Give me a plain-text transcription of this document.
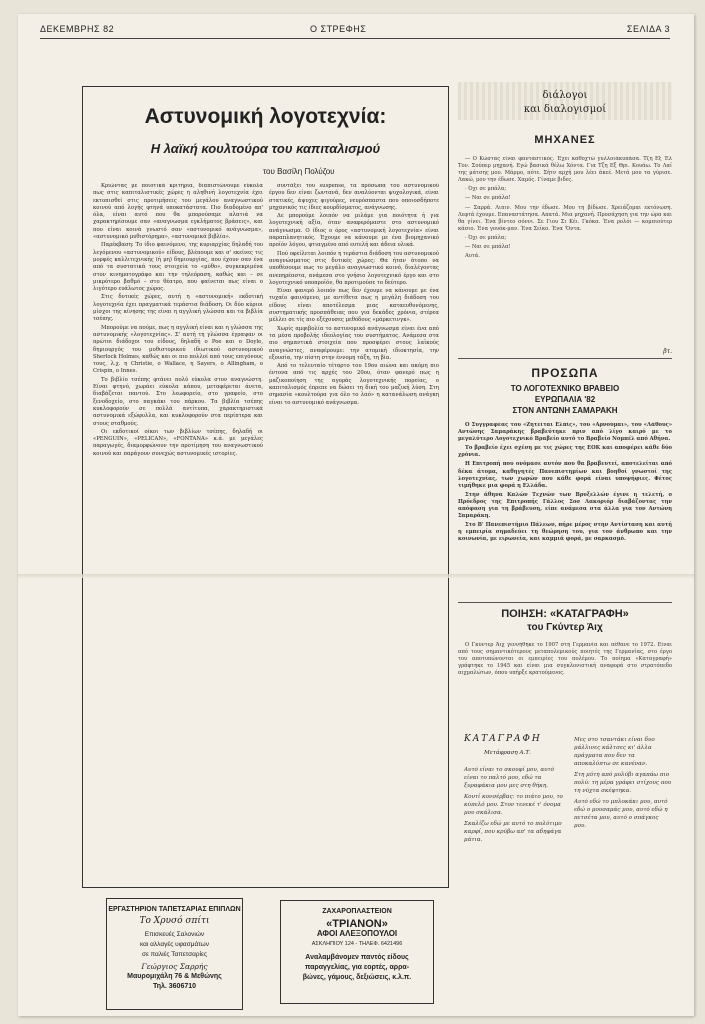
ΔΕΚΕΜΒΡΗΣ 82	Ο ΣΤΡΕΦΗΣ	ΣΕΛΙΔΑ 3
Αστυνομική λογοτεχνία:
Η λαϊκή κουλτούρα του καπιταλισμού
του Βασίλη Πολύζου

Κριώντας με ποιοτικά κριτήρια, διαπιστώνουμε εύκολα πως στις καπιταλιστικές χώρες η αληθινή λογοτεχνία έχει εκτοπισθεί στις προτιμήσεις του μεγάλου αναγνωστικού κοινού από λογής φτηνά υποκατάστατα. Πιο διαδομένο απ' όλα, είναι αυτό που θα μπορούσαμε πλατιά να χαρακτηρίσουμε σαν «αναγνωσμα εγκλήματος βράσεις», και που είναι κοινά γνωστό σαν «αστυνομικό ανάγνωσμα», «αστυνομικό μυθιστόρημα», «αστυνομικά βιβλία».

Παρέκβαση: Το ίδιο φαινόμενο, της κυριαρχίας δηλαδή του λεγόμενου «αστυνομικού» είδους, βλέπουμε και σ' εκείνες τις μορφές καλλιτεχνικής (ή μη) δημιουργίας, που έχουν σαν ένα από τα συστατικά τους στοιχεία το «μύθο», συγκεκριμένα στον κινηματογράφο και την τηλεόραση, καθώς και – σε μικρότερο βαθμό – στο θέατρο, που φαίνεται πως είναι ο λιγότερο ευάλωτος χώρος.

Στις δυτικές χώρες, αυτή η «αστυνομική» εκδοτική λογοτεχνία έχει πραγματικά τεράστια διάδοση. Οι δύο κύριοι μίσχοι της κίνησης της είναι η αγγλική γλώσσα και τα βιβλία τσέπης.

Μπορούμε να πούμε, πως η αγγλική είναι και η γλώσσα της αστυνομικής «λογοτεχνίας». Σ' αυτή τη γλώσσα έγραψαν οι πρώτοι διάδοχοι του είδους, δηλαδή ο Poe και ο Doyle, δημιουργός του μυθιστορικού ιδιωτικού αστυνομικού Sherlock Holmes, καθώς και οι πιο πολλοί από τους επιγόνους τους, λ.χ. η Christie, ο Wallace, η Sayers, ο Allingham, ο Crispin, ο Innes.

Το βιβλίο τσέπης φτάνει πολύ εύκολα στον αναγνώστη. Είναι φτηνό, χωράει εύκολα κάπου, μεταφέρεται άνετα, διαβάζεται παντού. Στο λεωφορείο, στο γραφείο, στο ξενοδοχείο, στο παγκάκι του πάρκου. Τα βιβλία τσέπης κυκλοφορούν σε πολλά αντίτυπα, χαρακτηριστικά αστυνομικά εξώφυλλα, και κυκλοφορούν στα περίπτερα και στους σταθμούς.

Οι εκδοτικοί οίκοι των βιβλίων τσέπης, δηλαδή οι «PENGUIN», «PELICAN», «FONTANA» κ.ά. με μεγάλες παραγωγές, διαμορφώνουν την προτίμηση του αναγνωστικού κοινού και παράγουν συνεχώς αστυνομικές ιστορίες.

συντάξει του suspense, τα πρόσωπα του αστυνομικού έργου δεν είναι ζωντανά, δεν αναλύονται ψυχολογικά, είναι στατικές, άψυχες φιγούρες, νευρόσπαστα που οποιοσδήποτε μηχανικός τις ίδιες κουρδίσματος, ανάγνωσης.

Δε μπορούμε λοιπόν να μιλάμε για ποιότητα ή για λογοτεχνική αξία, όταν αναφερόμαστε στο αστυνομικό ανάγνωσμα. Ο ίδιος ο όρος «αστυνομική λογοτεχνία» είναι παραπλανητικός. Έχουμε να κάνουμε με ένα βιομηχανικό προϊόν λόγου, φτιαγμένο από ευτελή και άδεια υλικά.

Πού οφείλεται λοιπόν η τεράστια διάδοση του αστυνομικού αναγνώσματος στις δυτικές χώρες; Θα ήταν άτοπο να υποθέσουμε πως το μεγάλο αναγνωστικό κοινό, διαλέγοντας ανεπηρέαστα, ανάμεσα στο γνήσιο λογοτεχνικό έργο και στο λογοτεχνικό υποπροϊόν, θα προτιμούσε το δεύτερο.

Είναι φανερό λοιπόν πως δεν έχουμε να κάνουμε με ένα τυχαίο φαινόμενο, με αντίθετα πως η μεγάλη διάδοση του είδους είναι αποτέλεσμα μιας καταευθυνόμενης, συστηματικής προσπάθειας που για δεκάδες χρόνια, στέρεα μέλλει σε τίς πιο εξέχουσες μεθόδους «μάρκετινγκ».

Χωρίς αμφιβολία το αστυνομικό ανάγνωσμα είναι ένα από τα μέσα προβολής ιδεολογίας του συστήματος. Ανάμεσα στα πιο σημαντικά στοιχεία που προσφέρει στους λαϊκούς αναγνώστες, αναφέρουμε: την ατομική ιδιοκτησία, την εξουσία, την πίστη στην έννομη τάξη, τη βία.

Από το τελευταίο τέταρτο του 19ου αιώνα και ακόμη πιο έντονα από τις αρχές του 20ου, όταν φανερό πως η μαζικοποίηση της αγοράς λογοτεχνικής πορείας, ο καπιταλισμός έπρεπε να δώσει τη δική του μαζική λύση. Στη σημασία «κουλτούρα για όλο το λαό» η κατανάλωση ανάγκη είναι το αστυνομικό ανάγνωσμα.

ΕΡΓΑΣΤΗΡΙΟΝ ΤΑΠΕΤΣΑΡΙΑΣ ΕΠΙΠΛΩΝ
Το Χρυσό σπίτι
Επισκευές Σαλονιών
και αλλαγές υφασμάτων
σε παλιές Ταπετσαρίες
Γεώργιος Σαρρής
Μαυρομιχάλη 76 & Μεθώνης
Τηλ. 3606710
ΖΑΧΑΡΟΠΛΑΣΤΕΙΟΝ
«ΤΡΙΑΝΟΝ»
ΑΦΟΙ ΑΛΕΞΟΠΟΥΛΟΙ
ΑΣΚΛΗΠΙΟΥ 124 - ΤΗΛΕΦ. 6421496
Αναλαμβάνομεν παντός είδους
παραγγελίας, για εορτές, αρρα-
βώνες, γάμους, δεξιώσεις, κ.λ.π.
διάλογοι
και διαλογισμοί
ΜΗΧΑΝΕΣ

— Ο Κώστας είναι φανταστικός. Έχει καθοχτώ γυλλοιάκυπάσα. Τζη Εξ Έλ Τον. Σούπερ μηχανή. Εγώ βασικά θέλω Χόντα. Για Τζη Εξ Θρι. Κουάω. Το Λαϊ της μάτσης μου. Μάρμο, πότε. Σήτν αρχή μου λέει άκεέ. Μετά μου τα γύρισε. Λακώ, μου την έδωσε. Χαμός. Γίναμε βιδες.

· Όχι σε μπάλα;

— Ναι σε μπάλα!

— Σαρρά. Λιπιν. Μου την έδωσε. Μου τη βίδωσε. Χρειάζομαι εκτόνωση. Λεφτά έχουμε. Επαναστάτησα. Απατά. Μια μηχανή. Προσάχηση για την ώρα και θα γίνει. Ένα βίντεο σόννι. Σε Γιου Σι Κέι. Γκόκα. Ένα ρολόι — κομπιούτερ κάσιο. Ένα γουόκ-μαν. Ένα Σεϊκο. Ένα 'Όντα.

· Όχι σε μπάλα;

— Ναι σε μπάλα!

Αυτά.

βτ.
ΠΡΟΣΩΠΑ
ΤΟ ΛΟΓΟΤΕΧΝΙΚΟ ΒΡΑΒΕΙΟ
ΕΥΡΩΠΑΛΙΑ '82
ΣΤΟΝ ΑΝΤΩΝΗ ΣΑΜΑΡΑΚΗ

Ο Συγγραφέας του «Ζητείται Ελπίς», του «Αρνούμαι», του «Λάθους» Αντώνης Σαμαράκης βραβεύτηκε πριν από λίγο καιρό με το μεγαλύτερο Λογοτεχνικό Βραβείο αυτό το Βραβείο Νομπέλ από Αθήνα.

Το βραβείο έχει σχέση με τις χώρες της ΕΟΚ και αποφέρει κάθε δύο χρόνια.

Η Επιτροπή που ονόμασε αυτόν που θα βραβευτεί, αποτελείται από δέκα άτομα, καθηγητές Πανεπιστημίων και βοηθοί γνωστοί της λογοτεχνίας, των χωρών που κάθε φορά είναι υποψήφιες. Φέτος τιμήθηκε μια φορά η Ελλάδα.

Στην άθηνα Καλών Τεχνών των Βρυξελλών έγινε η τελετή, ο Πρόεδρος της Επιτροπής Γάλλος Σοσ Λακοριόρ διαβάζοντας την απόφαση για τη βράβευση, είπε ανάμεσα στα άλλα για τον Αντώνη Σαμαράκη.

Στο Β' Πανεπιστήμιο Πάλεων, πήρε μέρος στην Αντίσταση και αυτή η εμπειρία σημαδεύει τη θεώρηση του, για τον άνθρωπο και την κοινωνία, με ειρωνεία, και καμμιά φορά, με σαρκασμό.

ΠΟΙΗΣΗ: «ΚΑΤΑΓΡΑΦΗ»
του Γκύντερ Άιχ

Ο Γκύντερ Άιχ γεννήθηκε το 1907 στη Γερμανία και πέθανε το 1972. Είναι από τους σημαντικότερους μεταπολεμικούς ποιητές της Γερμανίας, στο έργο του αποτυπώνονται οι εμπειρίες του πολέμου. Το ποίημα «Καταγραφή» γράφτηκε το 1945 και είναι μια συγκλονιστική αναφορά στο στρατόπεδο αιχμαλώτων, όπου υπήρξε κρατούμενος.

ΚΑΤΑΓΡΑΦΗ
Μετάφραση Α.Τ.
Αυτό είναι το σκουφί μου, αυτό είναι το παλτό μου, εδώ τα ξυραφάκια μου μες στη θήκη.
Κουτί κονσέρβας: το πιάτο μου, το κύπελό μου. Στον τενεκέ τ' όνομα μου σκάλισα.
Σκαλίζω εδώ με αυτό το πολύτιμο καρφί, που κρύβω απ' τα αδηφάγα μάτια.
Μες στο τσαντάκι είναι δυο μάλλινες κάλτσες κι' άλλα πράγματα που δεν τα αποκαλύπτω σε κανέναν.
Στη μύτη από μολύβι αγαπάω πιο πολύ: τη μέρα γράφει στίχους που τη νύχτα σκέφτηκα.
Αυτό εδώ το μπλοκάκι μου, αυτό εδώ ο μουσαμάς μου, αυτό εδώ η πετσέτα μου, αυτό ο σπάγκος μου.
